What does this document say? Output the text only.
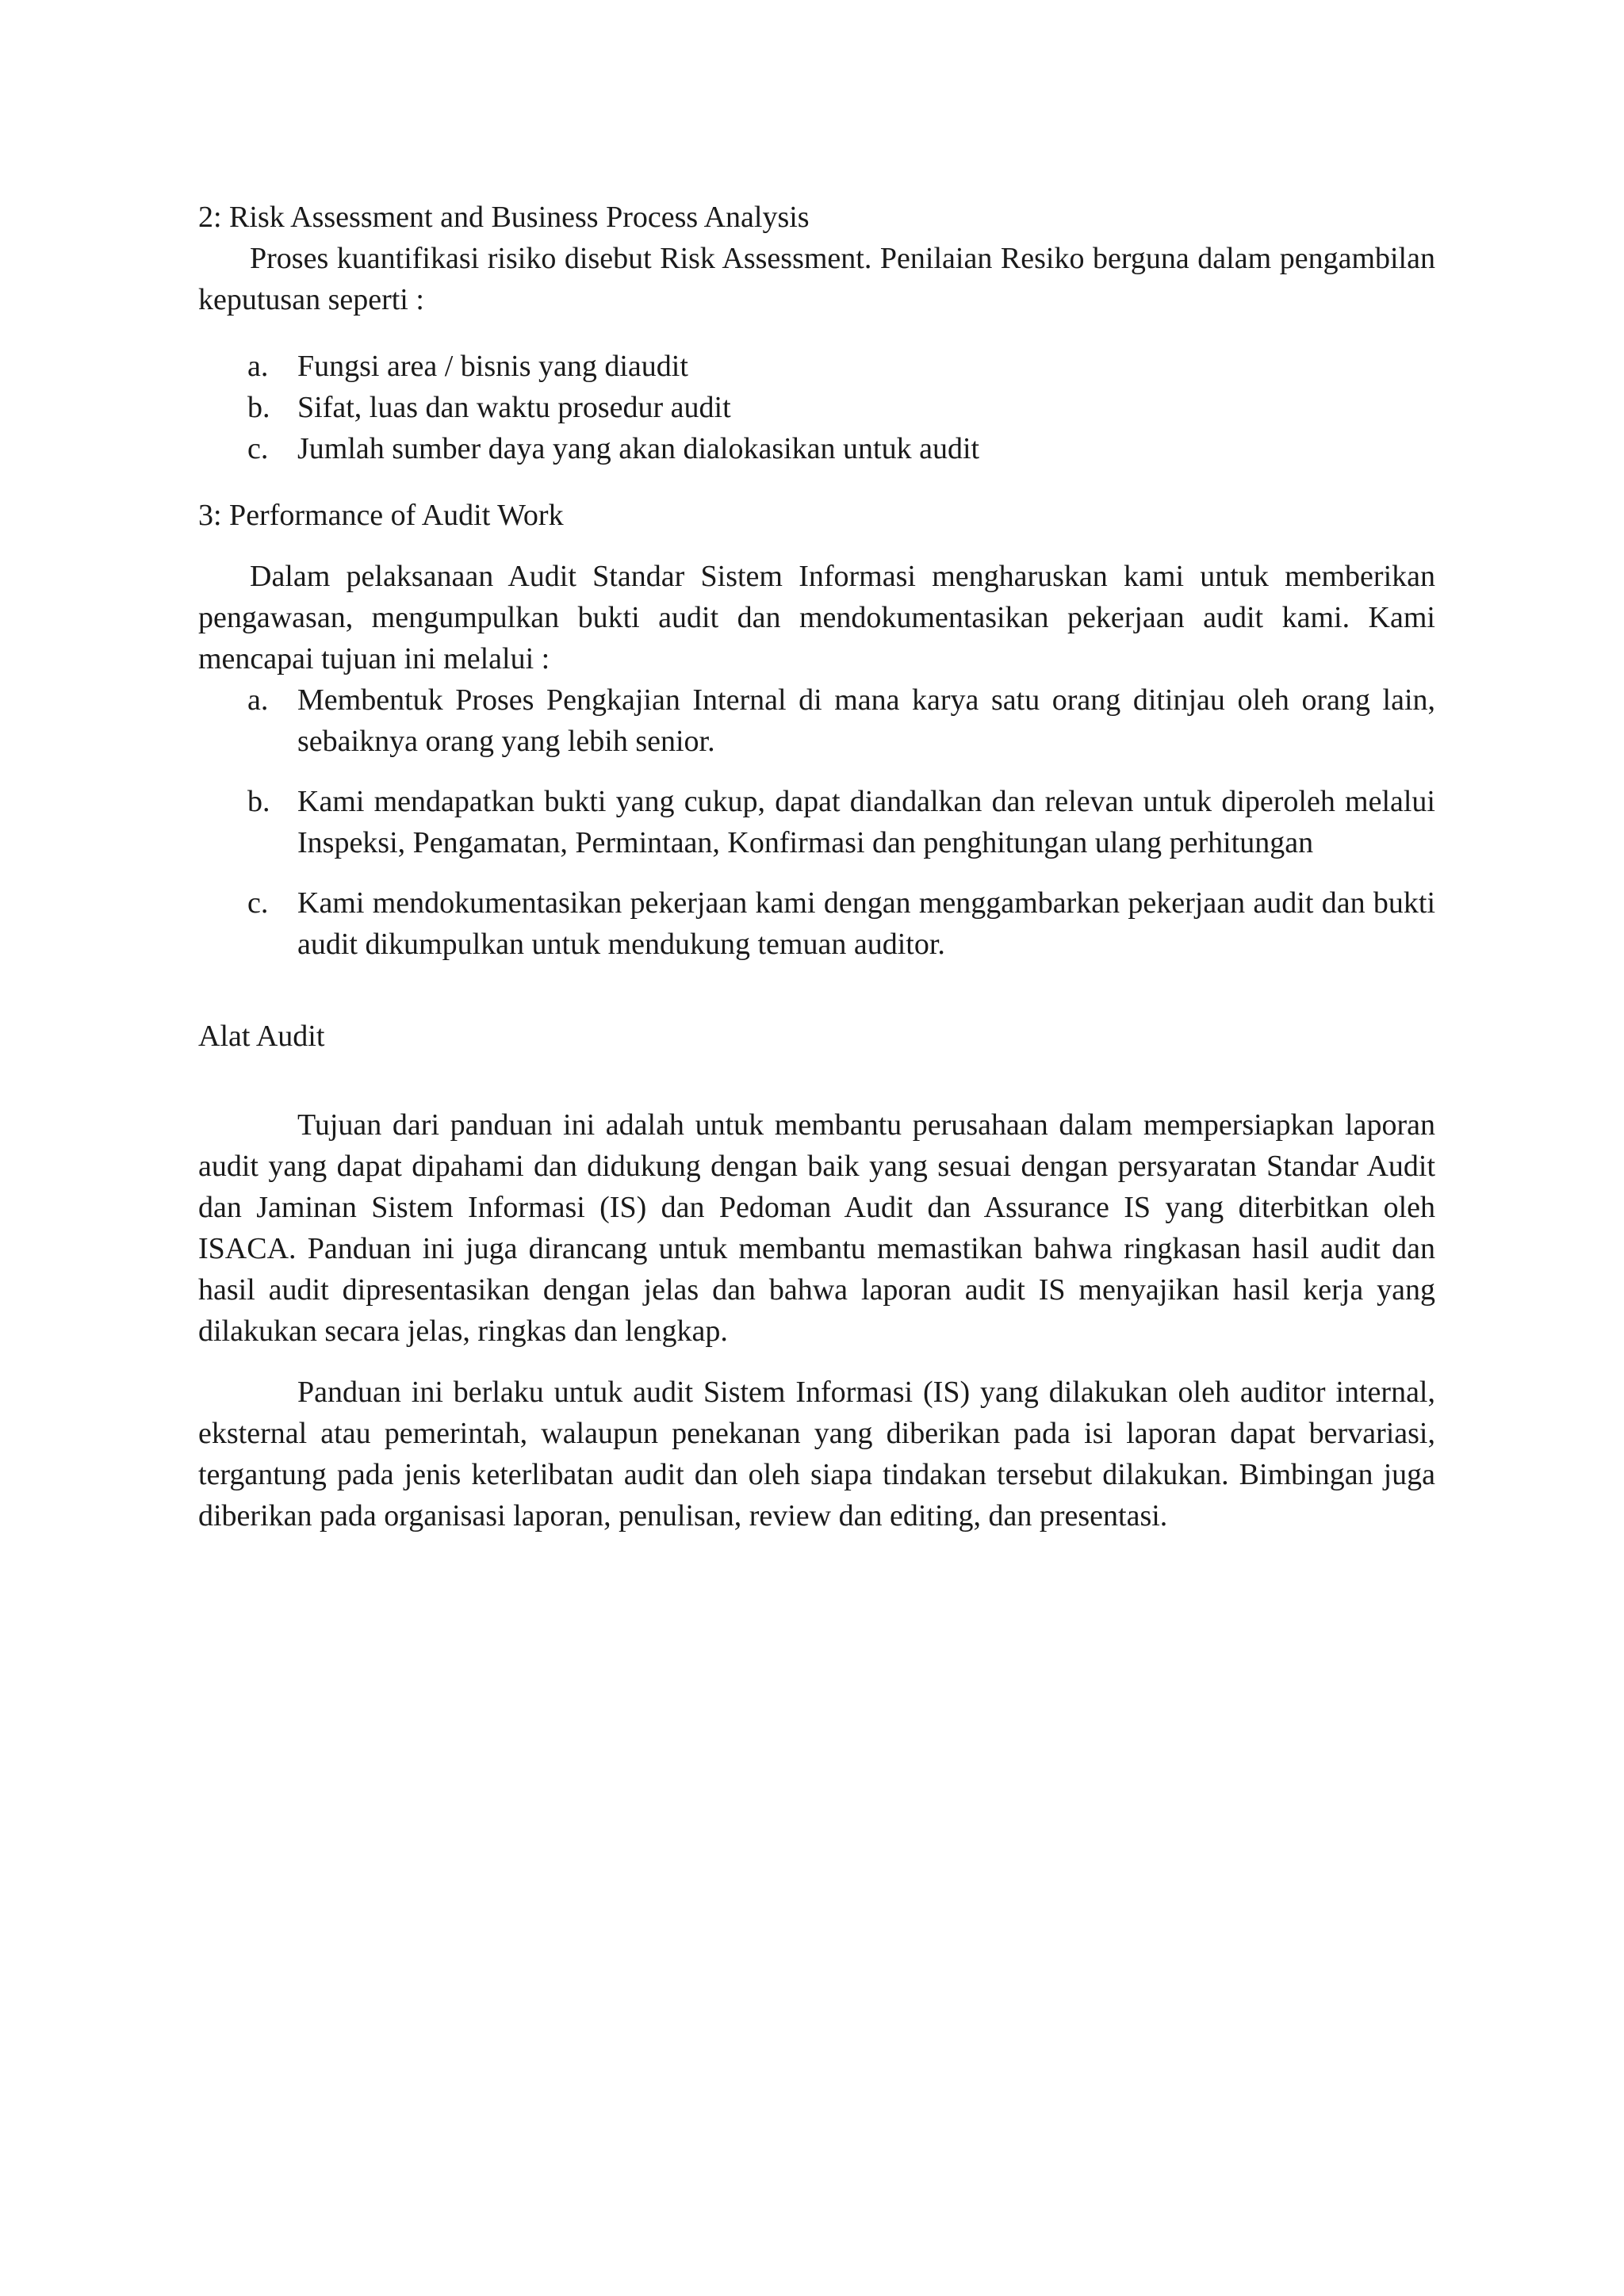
2: Risk Assessment and Business Process Analysis

Proses kuantifikasi risiko disebut Risk Assessment. Penilaian Resiko berguna dalam pengambilan keputusan seperti :

a. Fungsi area / bisnis yang diaudit
b. Sifat, luas dan waktu prosedur audit
c. Jumlah sumber daya yang akan dialokasikan untuk audit

3: Performance of Audit Work

Dalam pelaksanaan Audit Standar Sistem Informasi mengharuskan kami untuk memberikan pengawasan, mengumpulkan bukti audit dan mendokumentasikan pekerjaan audit kami. Kami mencapai tujuan ini melalui :

a. Membentuk Proses Pengkajian Internal di mana karya satu orang ditinjau oleh orang lain, sebaiknya orang yang lebih senior.
b. Kami mendapatkan bukti yang cukup, dapat diandalkan dan relevan untuk diperoleh melalui Inspeksi, Pengamatan, Permintaan, Konfirmasi dan penghitungan ulang perhitungan
c. Kami mendokumentasikan pekerjaan kami dengan menggambarkan pekerjaan audit dan bukti audit dikumpulkan untuk mendukung temuan auditor.

Alat Audit

Tujuan dari panduan ini adalah untuk membantu perusahaan dalam mempersiapkan laporan audit yang dapat dipahami dan didukung dengan baik yang sesuai dengan persyaratan Standar Audit dan Jaminan Sistem Informasi (IS) dan Pedoman Audit dan Assurance IS yang diterbitkan oleh ISACA. Panduan ini juga dirancang untuk membantu memastikan bahwa ringkasan hasil audit dan hasil audit dipresentasikan dengan jelas dan bahwa laporan audit IS menyajikan hasil kerja yang dilakukan secara jelas, ringkas dan lengkap.

Panduan ini berlaku untuk audit Sistem Informasi (IS) yang dilakukan oleh auditor internal, eksternal atau pemerintah, walaupun penekanan yang diberikan pada isi laporan dapat bervariasi, tergantung pada jenis keterlibatan audit dan oleh siapa tindakan tersebut dilakukan. Bimbingan juga diberikan pada organisasi laporan, penulisan, review dan editing, dan presentasi.
